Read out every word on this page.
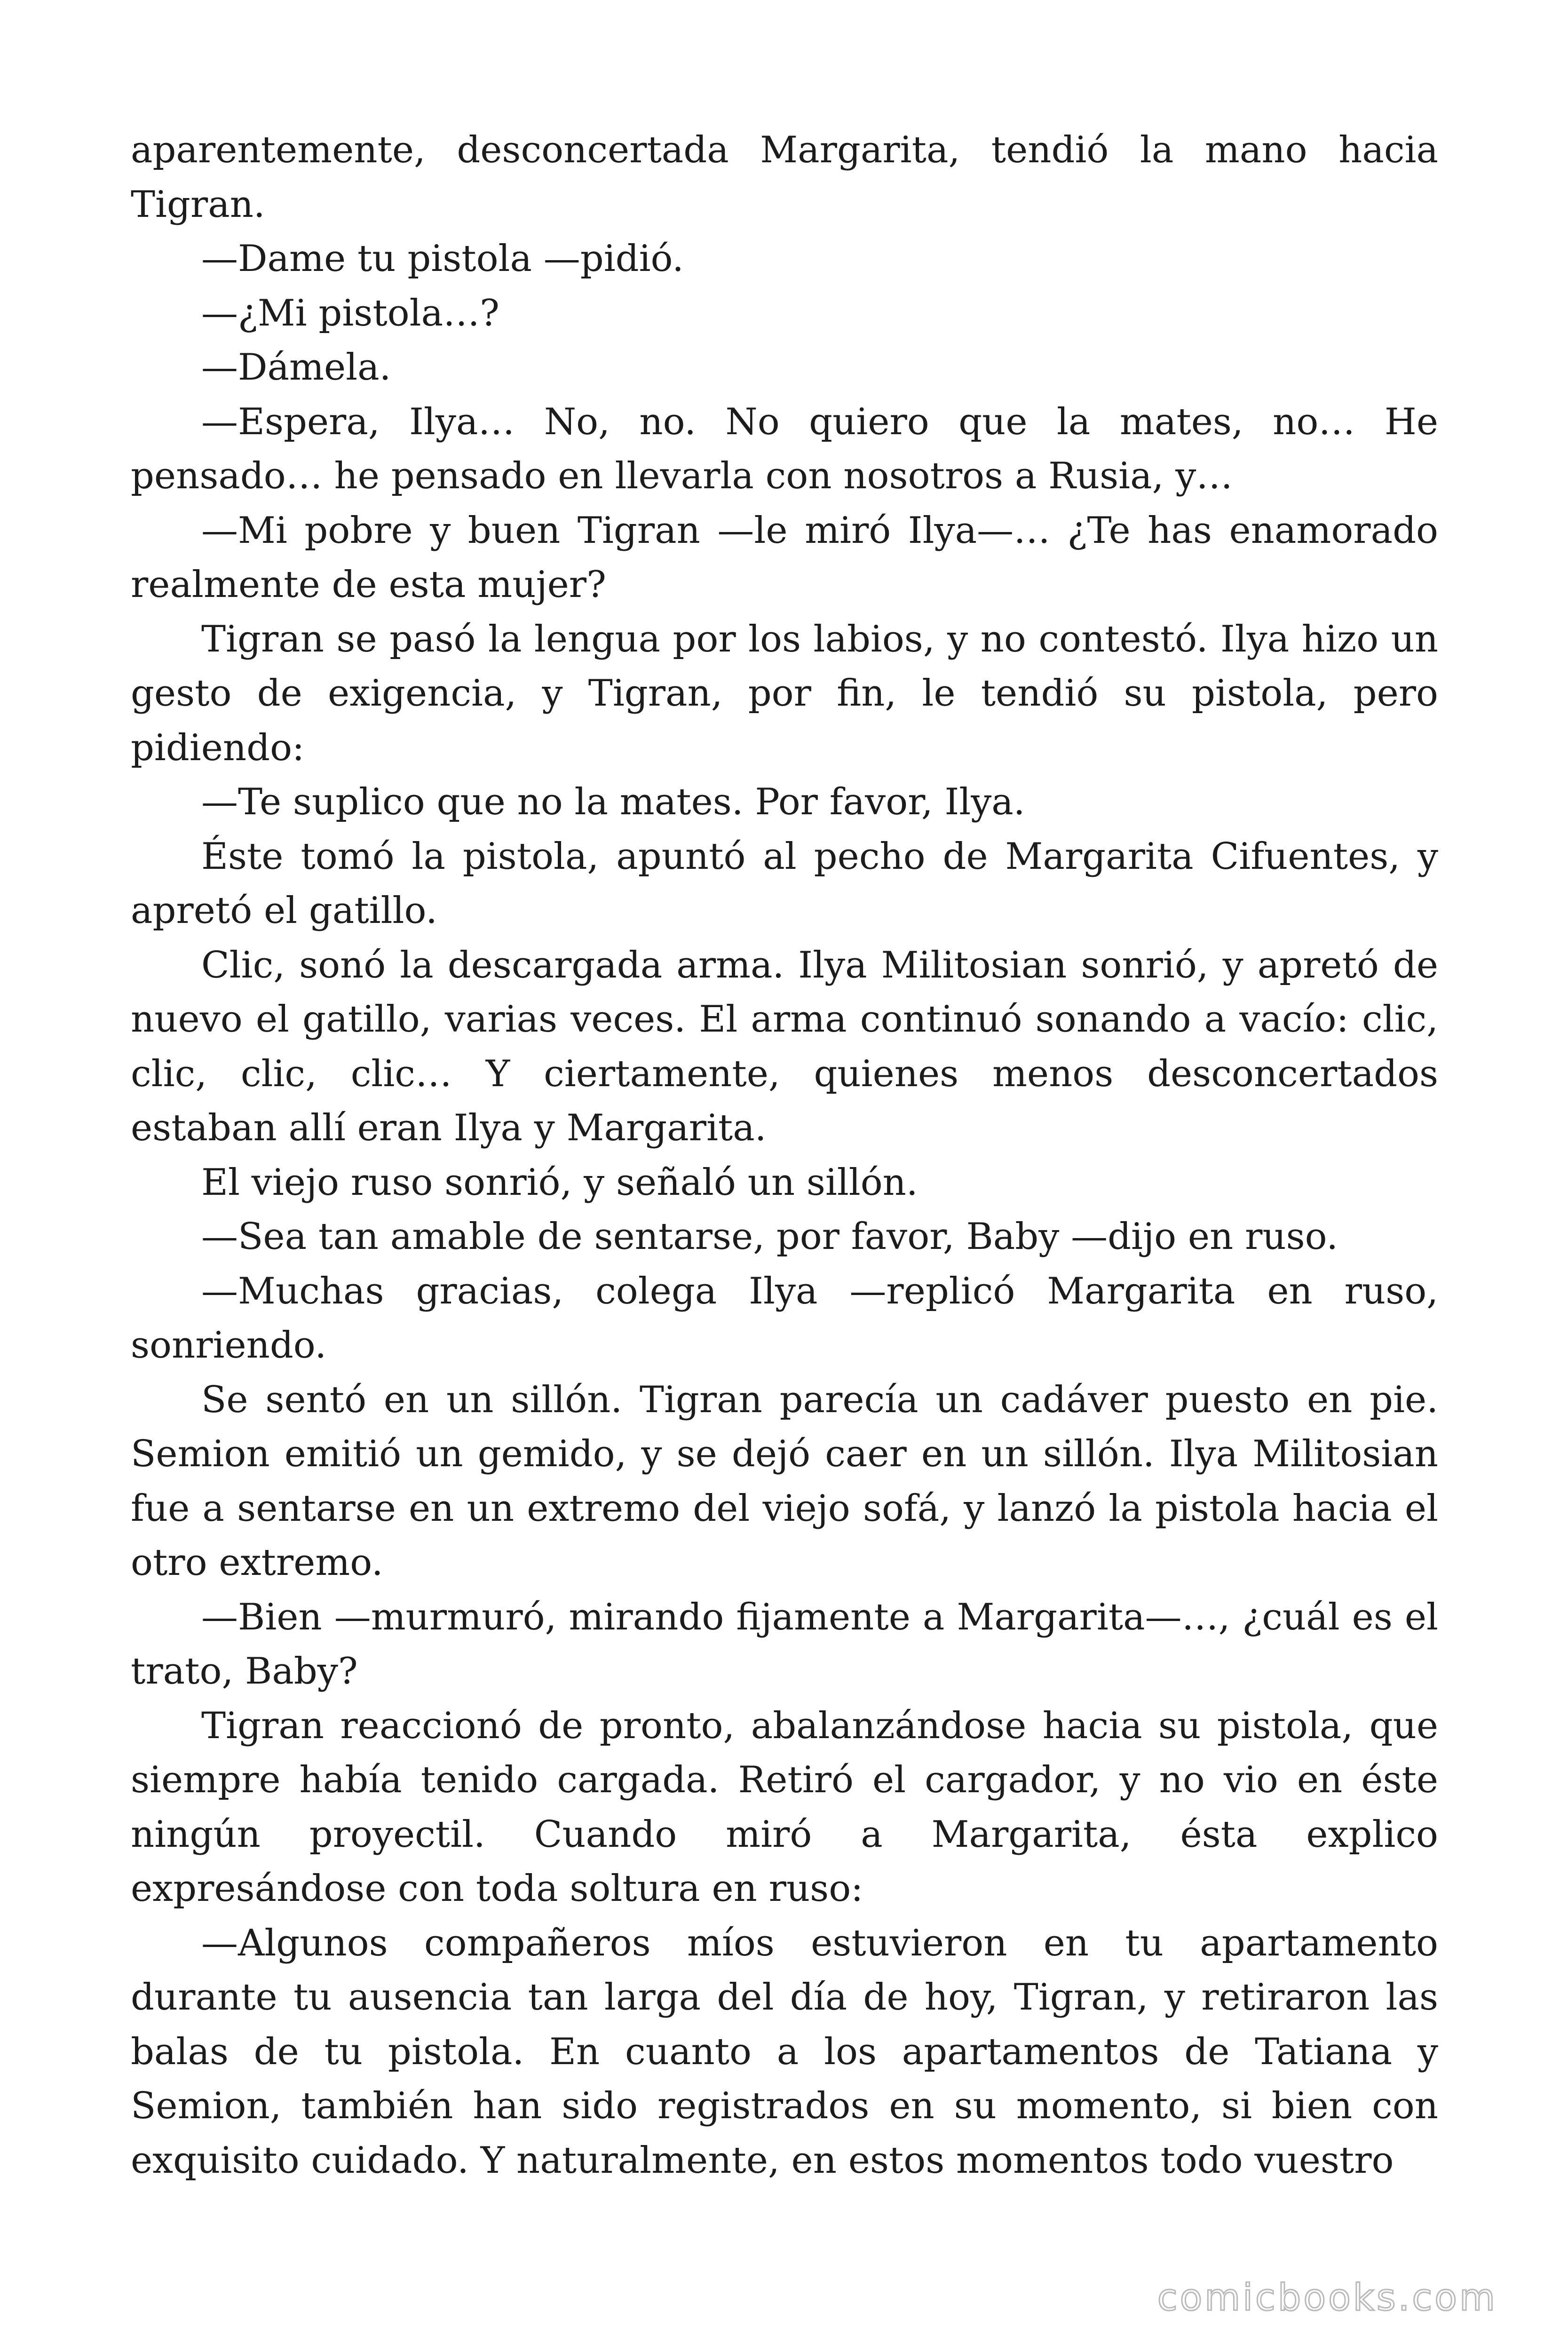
aparentemente, desconcertada Margarita, tendió la mano hacia Tigran.

—Dame tu pistola —pidió.

—¿Mi pistola…?

—Dámela.

—Espera, Ilya… No, no. No quiero que la mates, no… He pensado… he pensado en llevarla con nosotros a Rusia, y…

—Mi pobre y buen Tigran —le miró Ilya—… ¿Te has enamorado realmente de esta mujer?

Tigran se pasó la lengua por los labios, y no contestó. Ilya hizo un gesto de exigencia, y Tigran, por fin, le tendió su pistola, pero pidiendo:

—Te suplico que no la mates. Por favor, Ilya.

Éste tomó la pistola, apuntó al pecho de Margarita Cifuentes, y apretó el gatillo.

Clic, sonó la descargada arma. Ilya Militosian sonrió, y apretó de nuevo el gatillo, varias veces. El arma continuó sonando a vacío: clic, clic, clic, clic… Y ciertamente, quienes menos desconcertados estaban allí eran Ilya y Margarita.

El viejo ruso sonrió, y señaló un sillón.

—Sea tan amable de sentarse, por favor, Baby —dijo en ruso.

—Muchas gracias, colega Ilya —replicó Margarita en ruso, sonriendo.

Se sentó en un sillón. Tigran parecía un cadáver puesto en pie. Semion emitió un gemido, y se dejó caer en un sillón. Ilya Militosian fue a sentarse en un extremo del viejo sofá, y lanzó la pistola hacia el otro extremo.

—Bien —murmuró, mirando fijamente a Margarita—…, ¿cuál es el trato, Baby?

Tigran reaccionó de pronto, abalanzándose hacia su pistola, que siempre había tenido cargada. Retiró el cargador, y no vio en éste ningún proyectil. Cuando miró a Margarita, ésta explico expresándose con toda soltura en ruso:

—Algunos compañeros míos estuvieron en tu apartamento durante tu ausencia tan larga del día de hoy, Tigran, y retiraron las balas de tu pistola. En cuanto a los apartamentos de Tatiana y Semion, también han sido registrados en su momento, si bien con exquisito cuidado. Y naturalmente, en estos momentos todo vuestro

comicbooks.com
